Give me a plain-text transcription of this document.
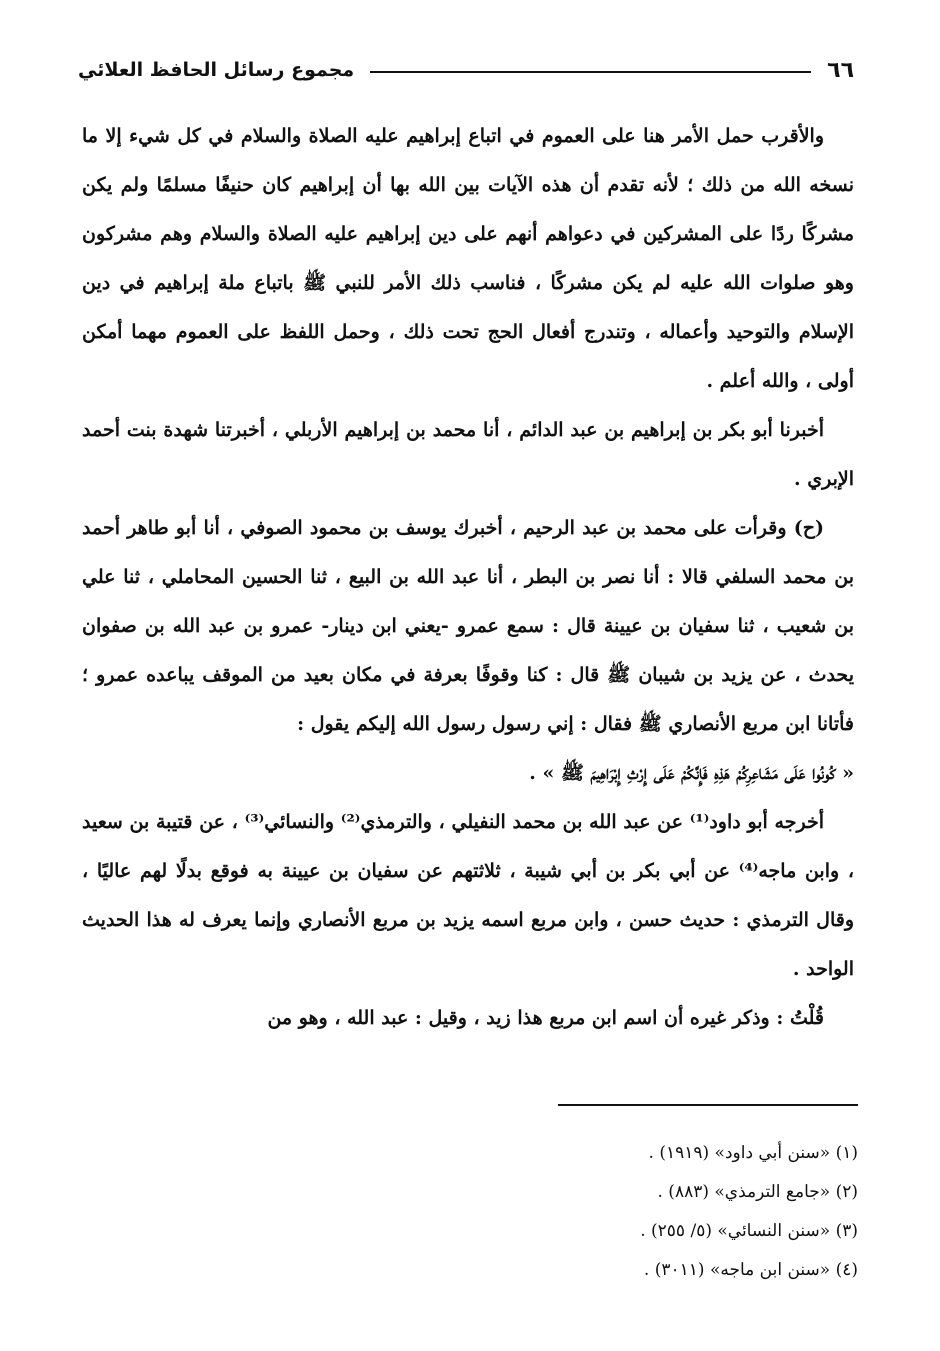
٦٦
مجموع رسائل الحافظ العلائي

والأقرب حمل الأمر هنا على العموم في اتباع إبراهيم عليه الصلاة والسلام في كل شيء إلا ما نسخه الله من ذلك ؛ لأنه تقدم أن هذه الآيات بين الله بها أن إبراهيم كان حنيفًا مسلمًا ولم يكن مشركًا ردًا على المشركين في دعواهم أنهم على دين إبراهيم عليه الصلاة والسلام وهم مشركون وهو صلوات الله عليه لم يكن مشركًا ، فناسب ذلك الأمر للنبي ﷺ باتباع ملة إبراهيم في دين الإسلام والتوحيد وأعماله ، وتندرج أفعال الحج تحت ذلك ، وحمل اللفظ على العموم مهما أمكن أولى ، والله أعلم .

أخبرنا أبو بكر بن إبراهيم بن عبد الدائم ، أنا محمد بن إبراهيم الأربلي ، أخبرتنا شهدة بنت أحمد الإبري .

(ح) وقرأت على محمد بن عبد الرحيم ، أخبرك يوسف بن محمود الصوفي ، أنا أبو طاهر أحمد بن محمد السلفي قالا : أنا نصر بن البطر ، أنا عبد الله بن البيع ، ثنا الحسين المحاملي ، ثنا علي بن شعيب ، ثنا سفيان بن عيينة قال : سمع عمرو -يعني ابن دينار- عمرو بن عبد الله بن صفوان يحدث ، عن يزيد بن شيبان ﷺ قال : كنا وقوفًا بعرفة في مكان بعيد من الموقف يباعده عمرو ؛ فأتانا ابن مربع الأنصاري ﷺ فقال : إني رسول رسول الله إليكم يقول :

« كُونُوا عَلَى مَشَاعِرِكُمْ هَذِهِ فَإِنَّكُمْ عَلَى إِرْثِ إِبْرَاهِيمَ ﷺ » .

أخرجه أبو داود⁽¹⁾ عن عبد الله بن محمد النفيلي ، والترمذي⁽²⁾ والنسائي⁽³⁾ ، عن قتيبة بن سعيد ، وابن ماجه⁽⁴⁾ عن أبي بكر بن أبي شيبة ، ثلاثتهم عن سفيان بن عيينة به فوقع بدلًا لهم عاليًا ، وقال الترمذي : حديث حسن ، وابن مربع اسمه يزيد بن مربع الأنصاري وإنما يعرف له هذا الحديث الواحد .

قُلْتُ : وذكر غيره أن اسم ابن مربع هذا زيد ، وقيل : عبد الله ، وهو من

(١) «سنن أبي داود» (١٩١٩) .

(٢) «جامع الترمذي» (٨٨٣) .

(٣) «سنن النسائي» (٥/ ٢٥٥) .

(٤) «سنن ابن ماجه» (٣٠١١) .
